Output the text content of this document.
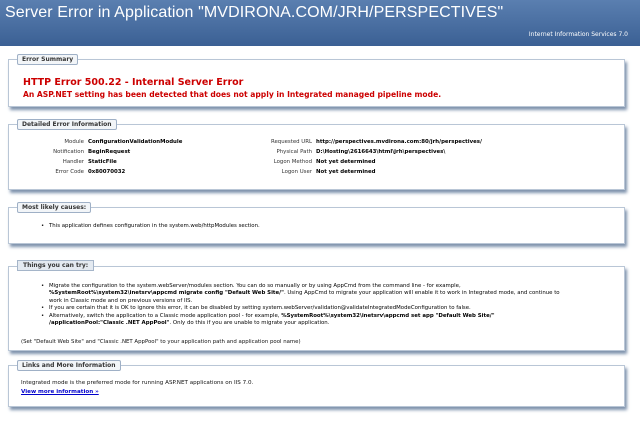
Server Error in Application "MVDIRONA.COM/JRH/PERSPECTIVES"
Internet Information Services 7.0
Error Summary
HTTP Error 500.22 - Internal Server Error
An ASP.NET setting has been detected that does not apply in Integrated managed pipeline mode.
Detailed Error Information
Module	ConfigurationValidationModule
Notification	BeginRequest
Handler	StaticFile
Error Code	0x80070032
Requested URL	http://perspectives.mvdirona.com:80/jrh/perspectives/
Physical Path	D:\Hosting\2616643\html\jrh\perspectives\
Logon Method	Not yet determined
Logon User	Not yet determined
Most likely causes:
• This application defines configuration in the system.web/httpModules section.
Things you can try:
• Migrate the configuration to the system.webServer/modules section. You can do so manually or by using AppCmd from the command line - for example,
%SystemRoot%\system32\inetsrv\appcmd migrate config "Default Web Site/". Using AppCmd to migrate your application will enable it to work in Integrated mode, and continue to
work in Classic mode and on previous versions of IIS.
• If you are certain that it is OK to ignore this error, it can be disabled by setting system.webServer/validation@validateIntegratedModeConfiguration to false.
• Alternatively, switch the application to a Classic mode application pool - for example, %SystemRoot%\system32\inetsrv\appcmd set app "Default Web Site/"
/applicationPool:"Classic .NET AppPool". Only do this if you are unable to migrate your application.
(Set "Default Web Site" and "Classic .NET AppPool" to your application path and application pool name)
Links and More Information
Integrated mode is the preferred mode for running ASP.NET applications on IIS 7.0.
View more information »
